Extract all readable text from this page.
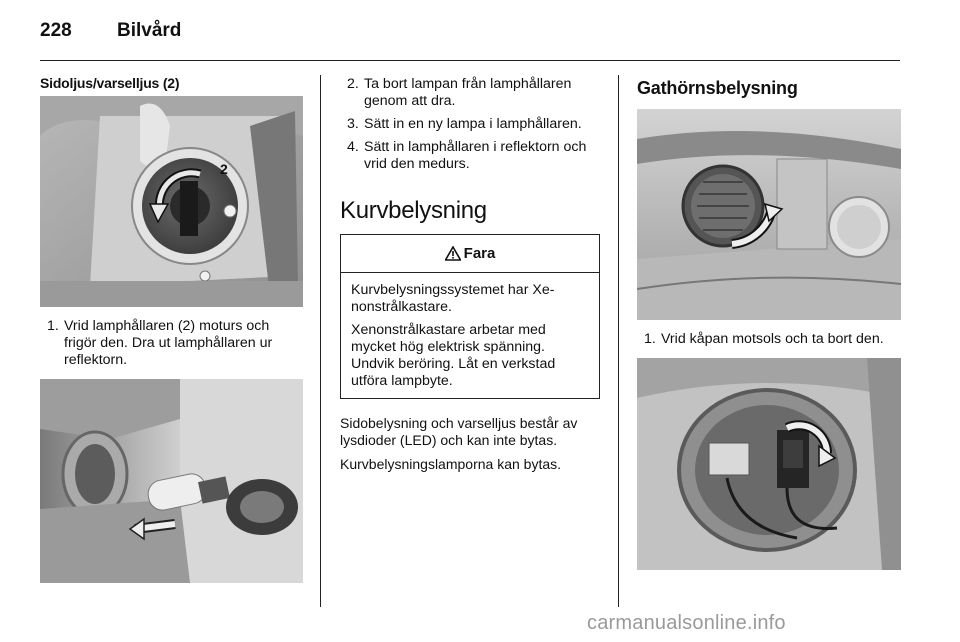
228 Bilvård
Sidoljus/varselljus (2)
2
1. Vrid lamphållaren (2) moturs och frigör den. Dra ut lamphållaren ur reflektorn.
2. Ta bort lampan från lamphållaren genom att dra.
3. Sätt in en ny lampa i lamphållaren.
4. Sätt in lamphållaren i reflektorn och vrid den medurs.
Kurvbelysning
Fara
Kurvbelysningssystemet har Xe- nonstrålkastare.
Xenonstrålkastare arbetar med mycket hög elektrisk spänning. Undvik beröring. Låt en verkstad utföra lampbyte.
Sidobelysning och varselljus består av lysdioder (LED) och kan inte bytas.
Kurvbelysningslamporna kan bytas.
Gathörnsbelysning
1. Vrid kåpan motsols och ta bort den.
carmanualsonline.info
